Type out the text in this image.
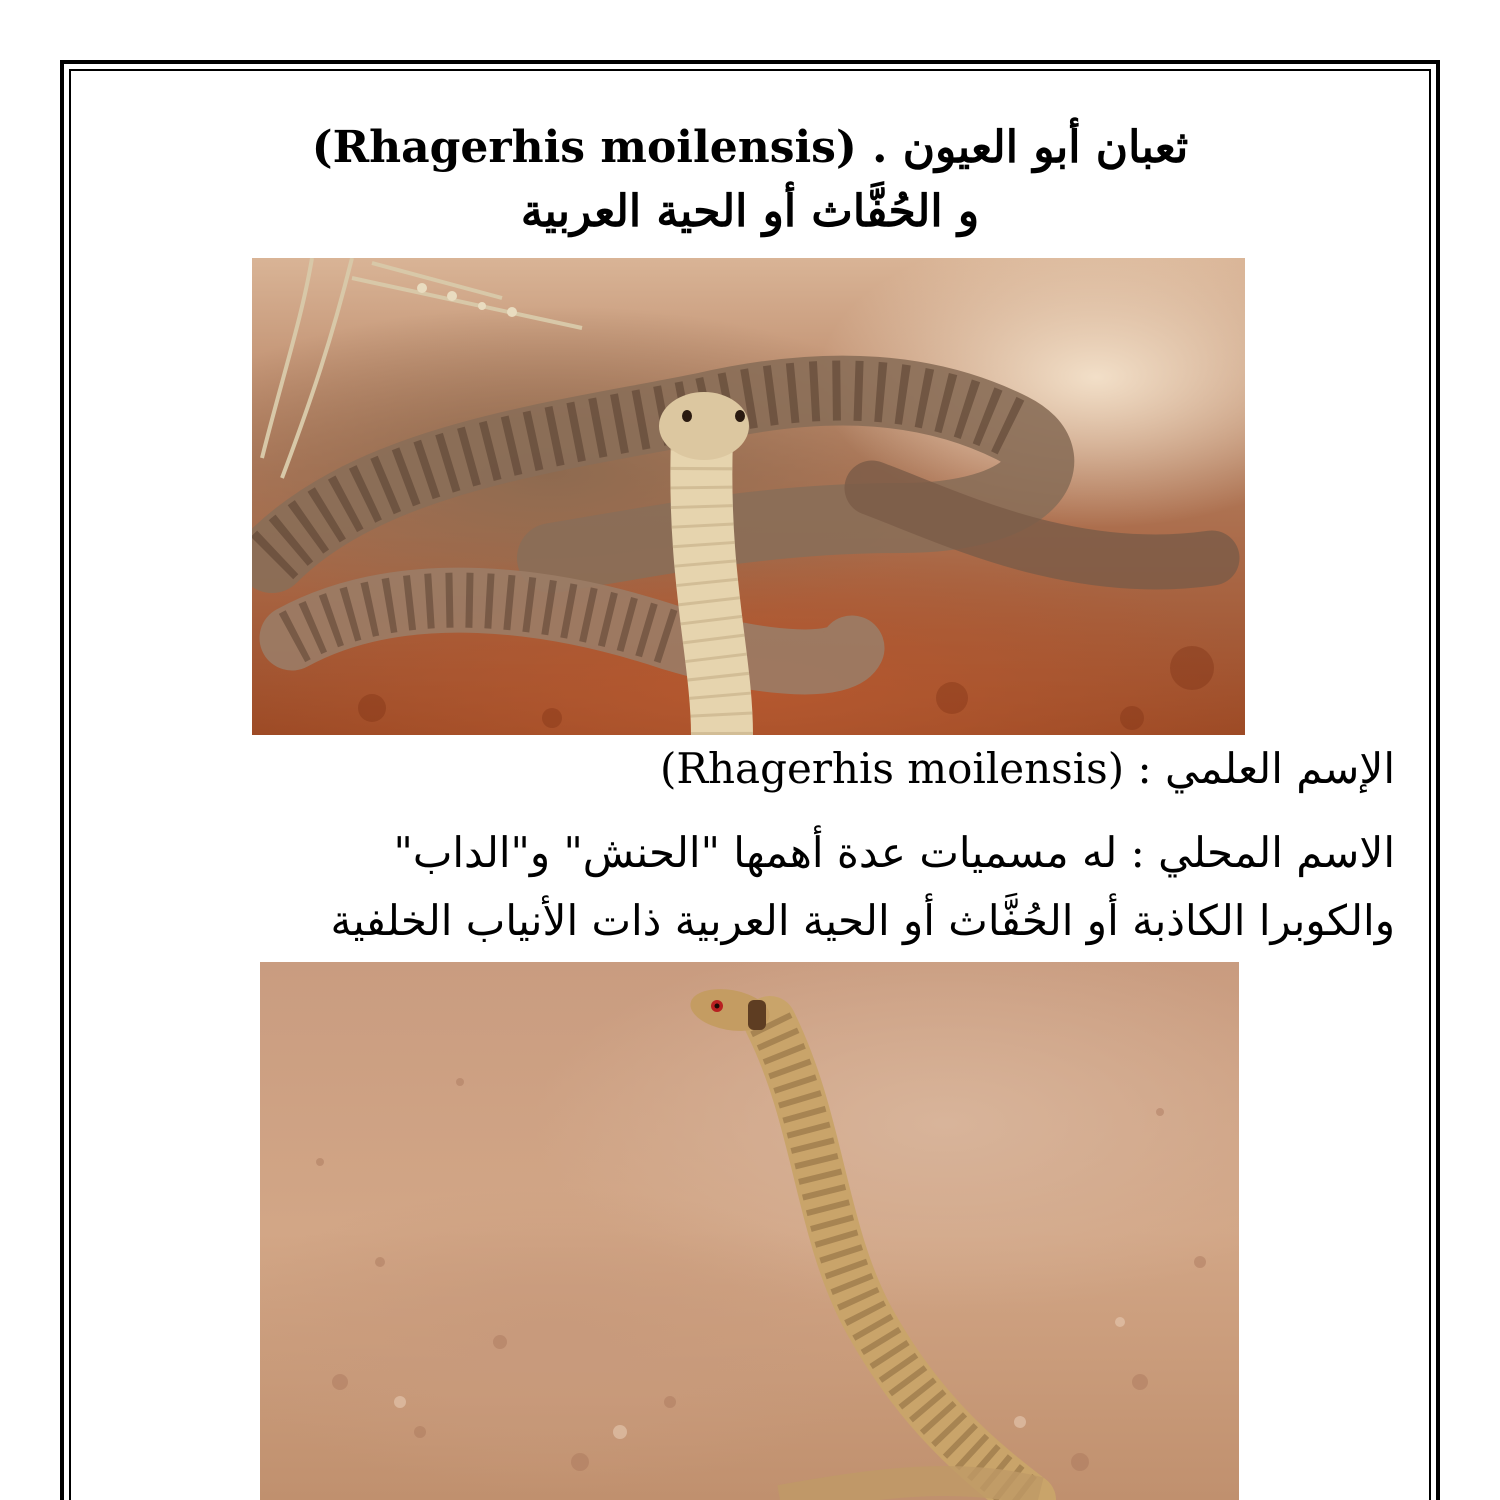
ثعبان أبو العيون . (Rhagerhis moilensis)
و الحُفَّاث أو الحية العربية
الإسم العلمي : (Rhagerhis moilensis)
الاسم المحلي : له مسميات عدة أهمها "الحنش" و"الداب"
والكوبرا الكاذبة أو الحُفَّاث أو الحية العربية ذات الأنياب الخلفية
